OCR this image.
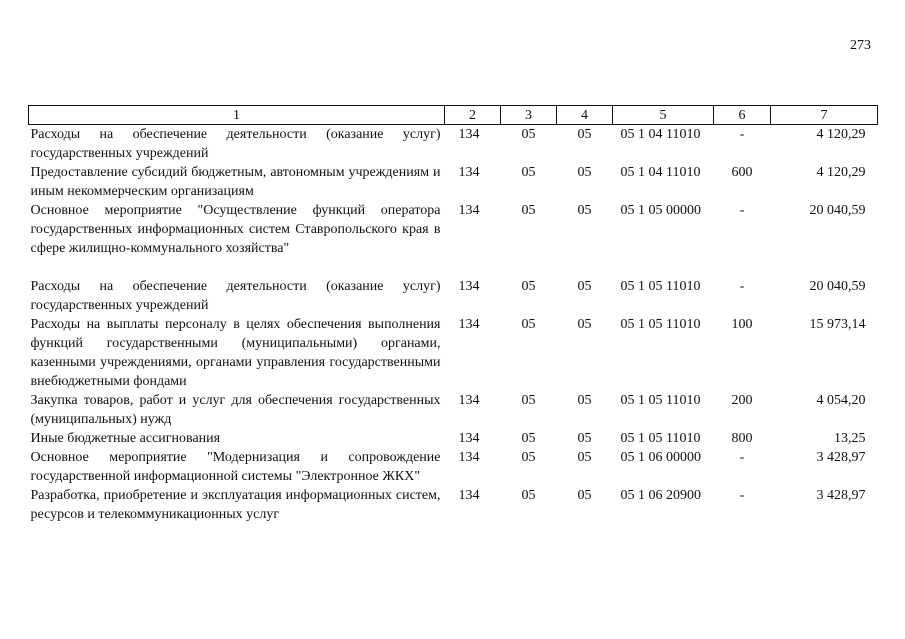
273
1	2	3	4	5	6	7
Расходы на обеспечение деятельности (оказание услуг) государственных учреждений	134	05	05	05 1 04 11010	-	4 120,29
Предоставление субсидий бюджетным, автономным учреждениям и иным некоммерческим организациям	134	05	05	05 1 04 11010	600	4 120,29
Основное мероприятие "Осуществление функций оператора государственных информационных систем Ставропольского края в сфере жилищно-коммунального хозяйства"	134	05	05	05 1 05 00000	-	20 040,59
Расходы на обеспечение деятельности (оказание услуг) государственных учреждений	134	05	05	05 1 05 11010	-	20 040,59
Расходы на выплаты персоналу в целях обеспечения выполнения функций государственными (муниципальными) органами, казенными учреждениями, органами управления государственными внебюджетными фондами	134	05	05	05 1 05 11010	100	15 973,14
Закупка товаров, работ и услуг для обеспечения государственных (муниципальных) нужд	134	05	05	05 1 05 11010	200	4 054,20
Иные бюджетные ассигнования	134	05	05	05 1 05 11010	800	13,25
Основное мероприятие "Модернизация и сопровождение государственной информационной системы "Электронное ЖКХ"	134	05	05	05 1 06 00000	-	3 428,97
Разработка, приобретение и эксплуатация информационных систем, ресурсов и телекоммуникационных услуг	134	05	05	05 1 06 20900	-	3 428,97
